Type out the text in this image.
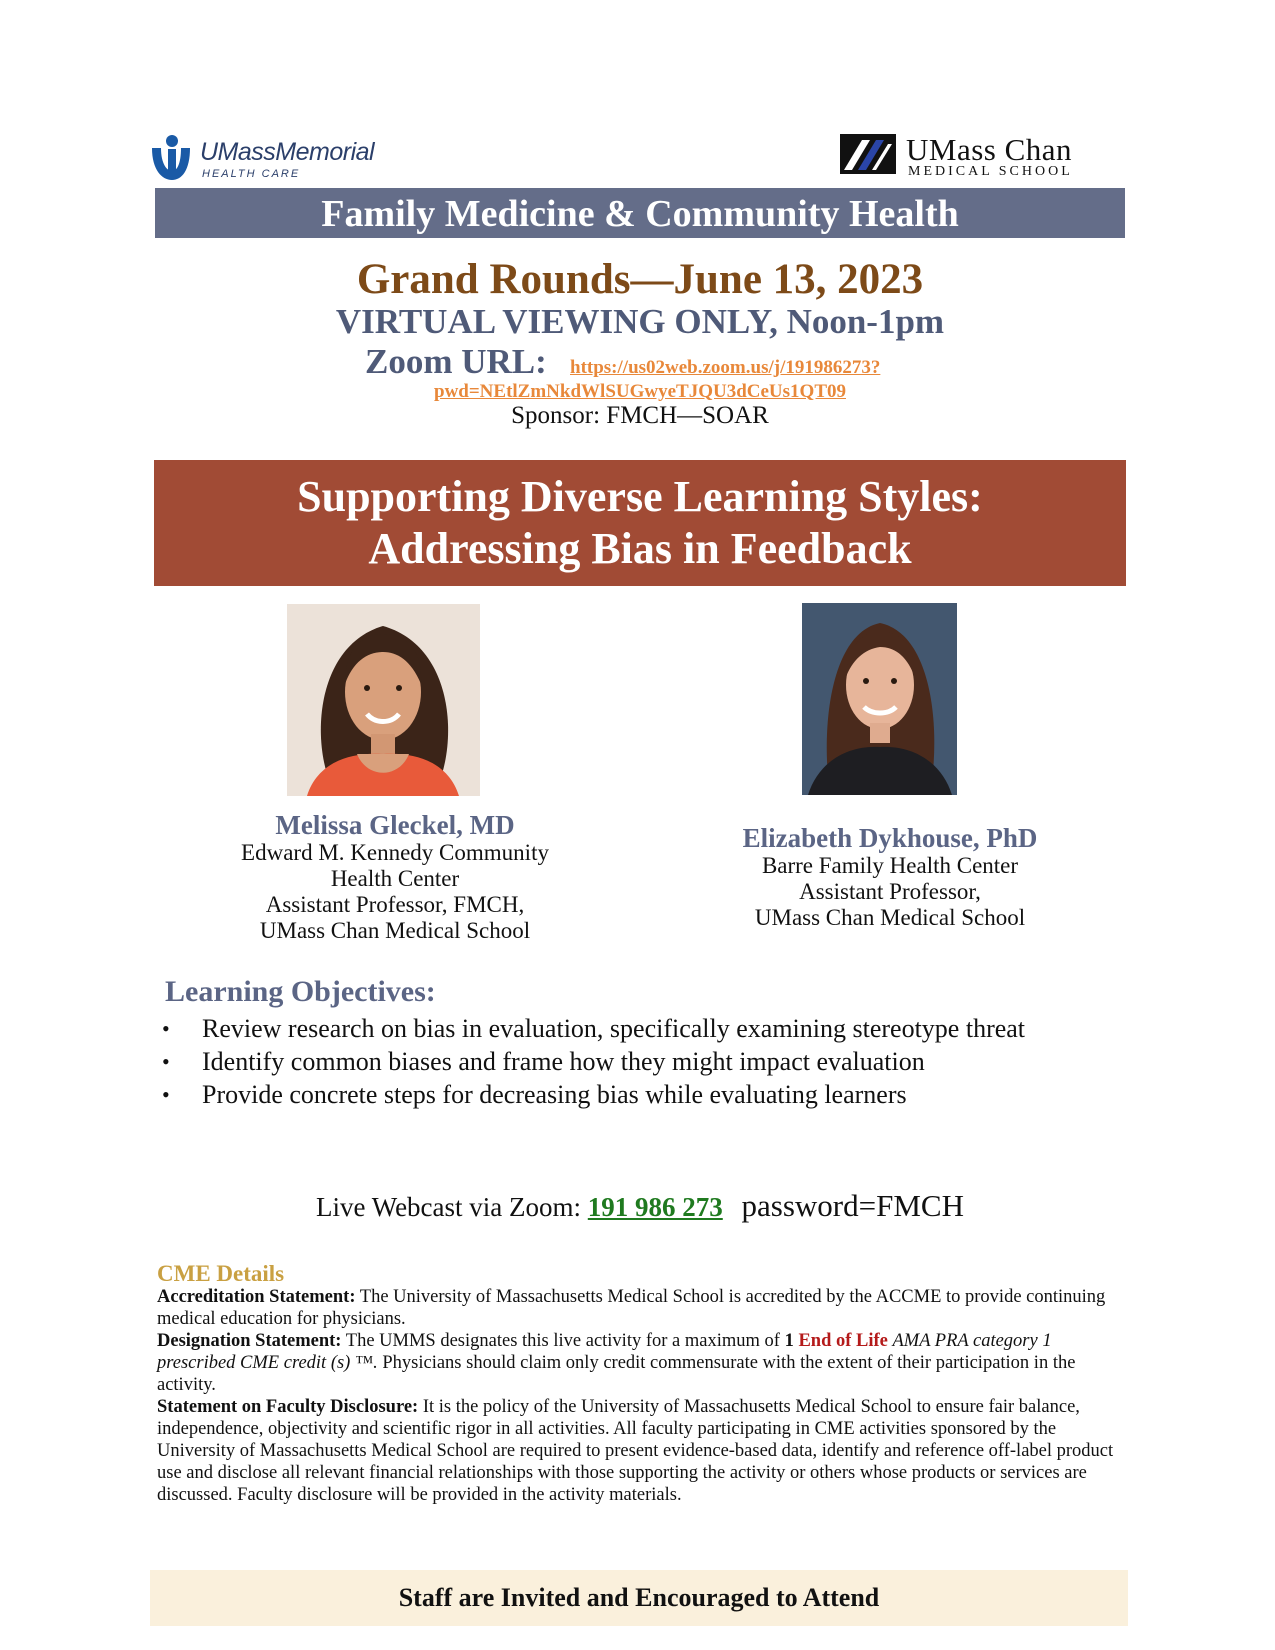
UMassMemorial
HEALTH CARE
UMass Chan
MEDICAL SCHOOL
Family Medicine & Community Health
Grand Rounds—June 13, 2023
VIRTUAL VIEWING ONLY, Noon-1pm
Zoom URL: https://us02web.zoom.us/j/191986273?
pwd=NEtlZmNkdWlSUGwyeTJQU3dCeUs1QT09
Sponsor: FMCH—SOAR
Supporting Diverse Learning Styles:
Addressing Bias in Feedback
Melissa Gleckel, MD
Edward M. Kennedy Community
Health Center
Assistant Professor, FMCH,
UMass Chan Medical School
Elizabeth Dykhouse, PhD
Barre Family Health Center
Assistant Professor,
UMass Chan Medical School
Learning Objectives:
• Review research on bias in evaluation, specifically examining stereotype threat
• Identify common biases and frame how they might impact evaluation
• Provide concrete steps for decreasing bias while evaluating learners
Live Webcast via Zoom: 191 986 273 password=FMCH
CME Details
Accreditation Statement: The University of Massachusetts Medical School is accredited by the ACCME to provide continuing medical education for physicians.
Designation Statement: The UMMS designates this live activity for a maximum of 1 End of Life AMA PRA category 1 prescribed CME credit (s) ™. Physicians should claim only credit commensurate with the extent of their participation in the activity.
Statement on Faculty Disclosure: It is the policy of the University of Massachusetts Medical School to ensure fair balance, independence, objectivity and scientific rigor in all activities. All faculty participating in CME activities sponsored by the University of Massachusetts Medical School are required to present evidence-based data, identify and reference off-label product use and disclose all relevant financial relationships with those supporting the activity or others whose products or services are discussed. Faculty disclosure will be provided in the activity materials.
Staff are Invited and Encouraged to Attend
